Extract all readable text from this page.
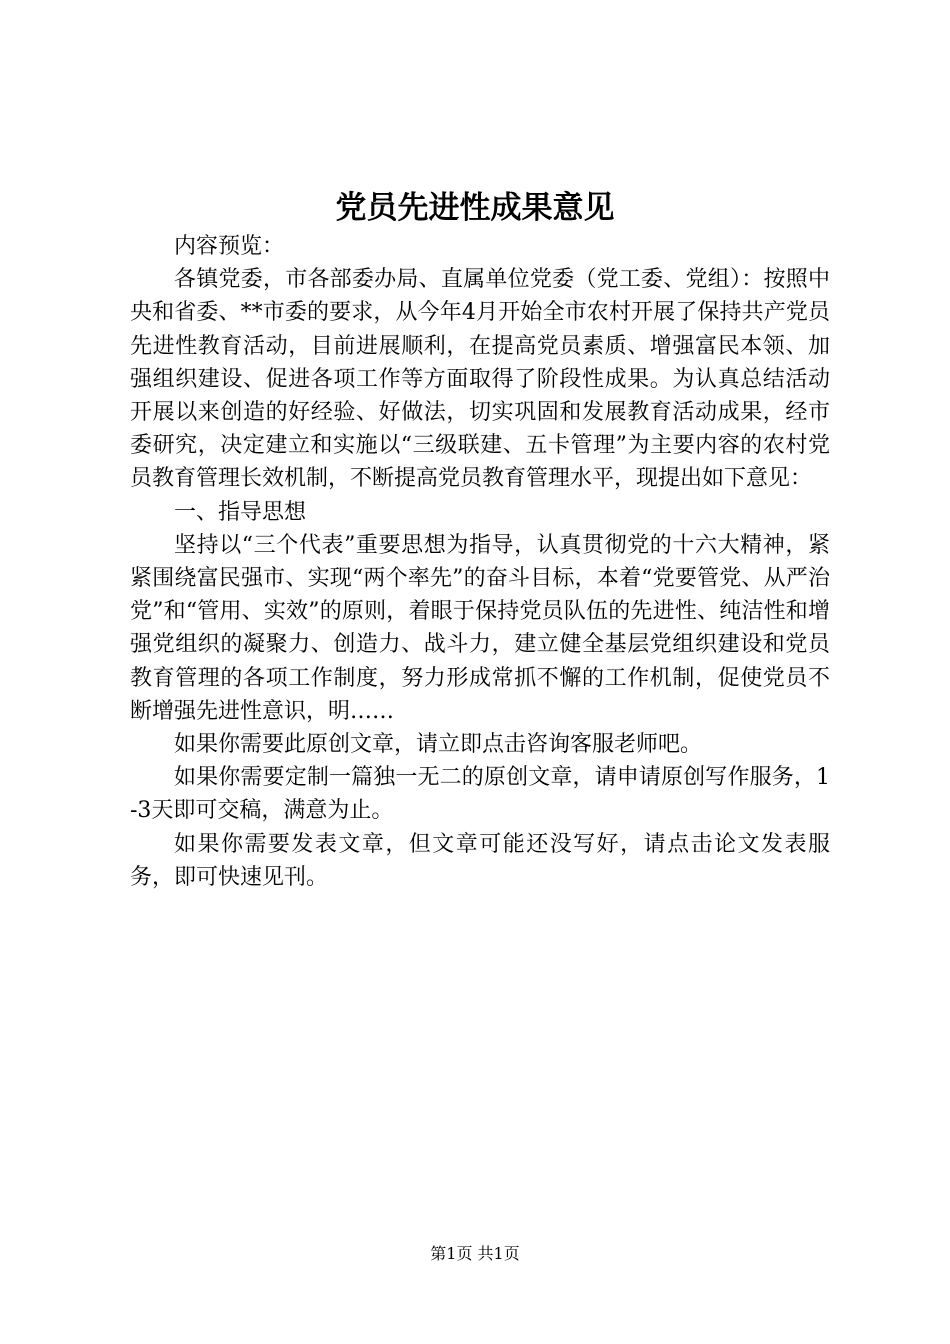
党员先进性成果意见

内容预览：

各镇党委，市各部委办局、直属单位党委（党工委、党组）：按照中央和省委、**市委的要求，从今年4月开始全市农村开展了保持共产党员先进性教育活动，目前进展顺利，在提高党员素质、增强富民本领、加强组织建设、促进各项工作等方面取得了阶段性成果。为认真总结活动开展以来创造的好经验、好做法，切实巩固和发展教育活动成果，经市委研究，决定建立和实施以“三级联建、五卡管理”为主要内容的农村党员教育管理长效机制，不断提高党员教育管理水平，现提出如下意见：

一、指导思想

坚持以“三个代表”重要思想为指导，认真贯彻党的十六大精神，紧紧围绕富民强市、实现“两个率先”的奋斗目标，本着“党要管党、从严治党”和“管用、实效”的原则，着眼于保持党员队伍的先进性、纯洁性和增强党组织的凝聚力、创造力、战斗力，建立健全基层党组织建设和党员教育管理的各项工作制度，努力形成常抓不懈的工作机制，促使党员不断增强先进性意识，明……

如果你需要此原创文章，请立即点击咨询客服老师吧。

如果你需要定制一篇独一无二的原创文章，请申请原创写作服务，1-3天即可交稿，满意为止。

如果你需要发表文章，但文章可能还没写好，请点击论文发表服务，即可快速见刊。

第1页 共1页
